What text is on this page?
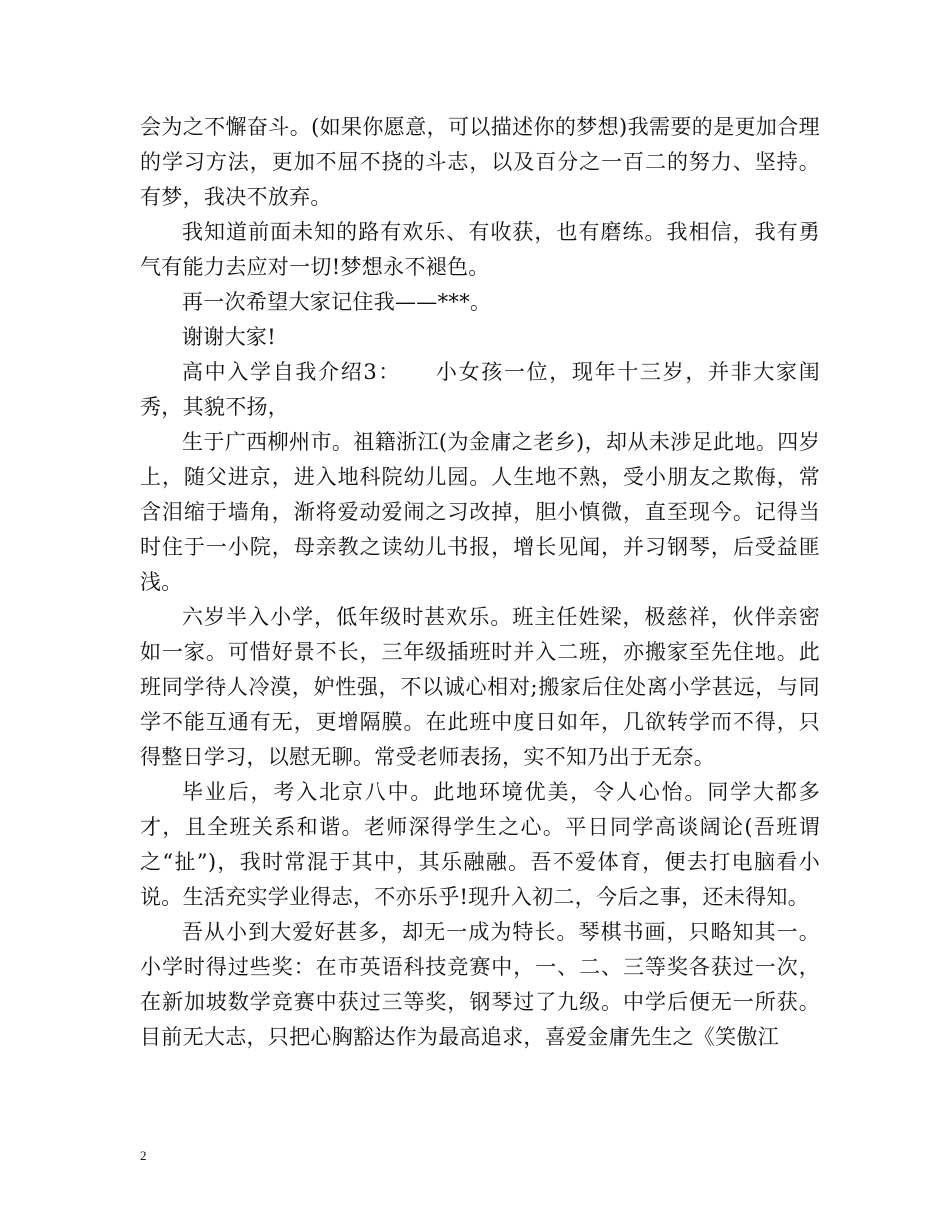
会为之不懈奋斗。(如果你愿意，可以描述你的梦想)我需要的是更加合理的学习方法，更加不屈不挠的斗志，以及百分之一百二的努力、坚持。有梦，我决不放弃。

我知道前面未知的路有欢乐、有收获，也有磨练。我相信，我有勇气有能力去应对一切!梦想永不褪色。

再一次希望大家记住我——***。

谢谢大家!

高中入学自我介绍3：　　小女孩一位，现年十三岁，并非大家闺秀，其貌不扬，

生于广西柳州市。祖籍浙江(为金庸之老乡)，却从未涉足此地。四岁上，随父进京，进入地科院幼儿园。人生地不熟，受小朋友之欺侮，常含泪缩于墙角，渐将爱动爱闹之习改掉，胆小慎微，直至现今。记得当时住于一小院，母亲教之读幼儿书报，增长见闻，并习钢琴，后受益匪浅。

六岁半入小学，低年级时甚欢乐。班主任姓梁，极慈祥，伙伴亲密如一家。可惜好景不长，三年级插班时并入二班，亦搬家至先住地。此班同学待人冷漠，妒性强，不以诚心相对;搬家后住处离小学甚远，与同学不能互通有无，更增隔膜。在此班中度日如年，几欲转学而不得，只得整日学习，以慰无聊。常受老师表扬，实不知乃出于无奈。

毕业后，考入北京八中。此地环境优美，令人心怡。同学大都多才，且全班关系和谐。老师深得学生之心。平日同学高谈阔论(吾班谓之“扯”)，我时常混于其中，其乐融融。吾不爱体育，便去打电脑看小说。生活充实学业得志，不亦乐乎!现升入初二，今后之事，还未得知。

吾从小到大爱好甚多，却无一成为特长。琴棋书画，只略知其一。小学时得过些奖：在市英语科技竞赛中，一、二、三等奖各获过一次，在新加坡数学竞赛中获过三等奖，钢琴过了九级。中学后便无一所获。目前无大志，只把心胸豁达作为最高追求，喜爱金庸先生之《笑傲江

2
